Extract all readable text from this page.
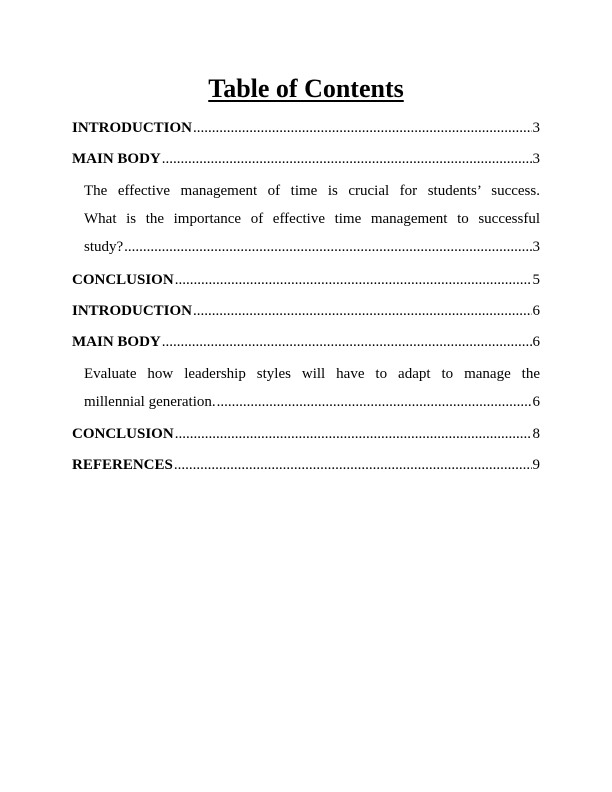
Table of Contents
INTRODUCTION .....	3
MAIN BODY .....	3
The effective management of time is crucial for students’ success.
What is the importance of effective time management to successful
study? .....	3
CONCLUSION .....	5
INTRODUCTION .....	6
MAIN BODY .....	6
Evaluate how leadership styles will have to adapt to manage the
millennial generation. .....	6
CONCLUSION .....	8
REFERENCES .....	9
